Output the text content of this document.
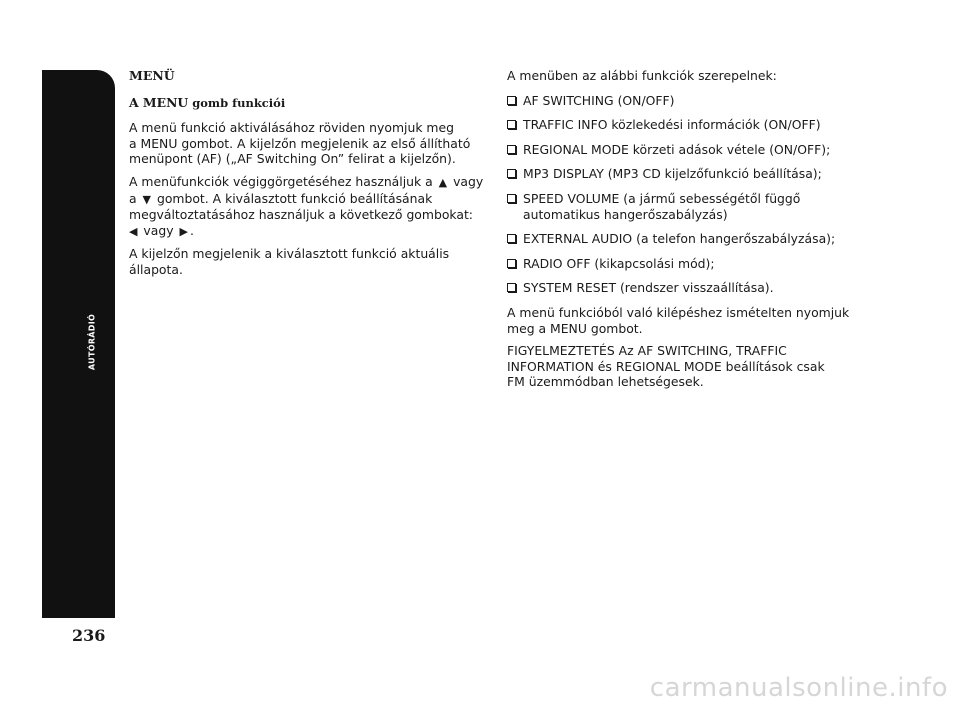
AUTÓRÁDIÓ
236
MENÜ
A MENU gomb funkciói
A menü funkció aktiválásához röviden nyomjuk meg
a MENU gombot. A kijelzőn megjelenik az első állítható
menüpont (AF) („AF Switching On” felirat a kijelzőn).
A menüfunkciók végiggörgetéséhez használjuk a ▲ vagy
a ▼ gombot. A kiválasztott funkció beállításának
megváltoztatásához használjuk a következő gombokat:
◀ vagy ▶ .
A kijelzőn megjelenik a kiválasztott funkció aktuális
állapota.
A menüben az alábbi funkciók szerepelnek:
AF SWITCHING (ON/OFF)
TRAFFIC INFO közlekedési információk (ON/OFF)
REGIONAL MODE körzeti adások vétele (ON/OFF);
MP3 DISPLAY (MP3 CD kijelzőfunkció beállítása);
SPEED VOLUME (a jármű sebességétől függő
automatikus hangerőszabályzás)
EXTERNAL AUDIO (a telefon hangerőszabályzása);
RADIO OFF (kikapcsolási mód);
SYSTEM RESET (rendszer visszaállítása).
A menü funkcióból való kilépéshez ismételten nyomjuk
meg a MENU gombot.
FIGYELMEZTETÉS Az AF SWITCHING, TRAFFIC
INFORMATION és REGIONAL MODE beállítások csak
FM üzemmódban lehetségesek.
carmanualsonline.info
